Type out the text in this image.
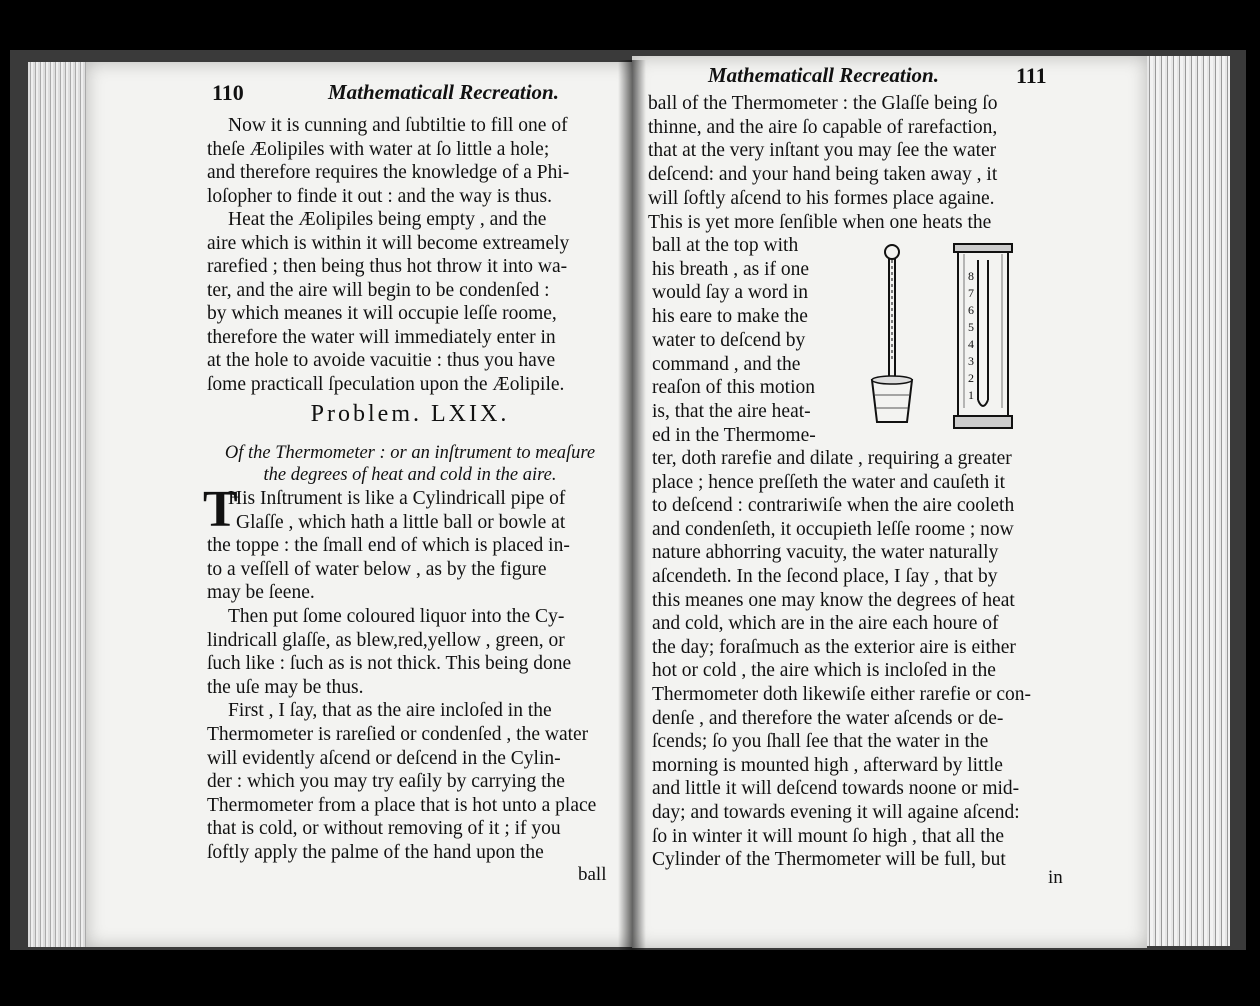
110	Mathematicall Recreation.
Now it is cunning and ſubtiltie to fill one of
theſe Æolipiles with water at ſo little a hole;
and therefore requires the knowledge of a Phi-
loſopher to finde it out : and the way is thus.
Heat the Æolipiles being empty , and the
aire which is within it will become extreamely
rarefied ; then being thus hot throw it into wa-
ter, and the aire will begin to be condenſed :
by which meanes it will occupie leſſe roome,
therefore the water will immediately enter in
at the hole to avoide vacuitie : thus you have
ſome practicall ſpeculation upon the Æolipile.
Problem. LXIX.
Of the Thermometer : or an inſtrument to meaſure
the degrees of heat and cold in the aire.
T
His Inſtrument is like a Cylindricall pipe of
Glaſſe , which hath a little ball or bowle at
the toppe : the ſmall end of which is placed in-
to a veſſell of water below , as by the figure
may be ſeene.
Then put ſome coloured liquor into the Cy-
lindricall glaſſe, as blew,red,yellow , green, or
ſuch like : ſuch as is not thick. This being done
the uſe may be thus.
First , I ſay, that as the aire incloſed in the
Thermometer is rareſied or condenſed , the water
will evidently aſcend or deſcend in the Cylin-
der : which you may try eaſily by carrying the
Thermometer from a place that is hot unto a place
that is cold, or without removing of it ; if you
ſoftly apply the palme of the hand upon the
ball
Mathematicall Recreation.	111
ball of the Thermometer : the Glaſſe being ſo
thinne, and the aire ſo capable of rarefaction,
that at the very inſtant you may ſee the water
deſcend: and your hand being taken away , it
will ſoftly aſcend to his formes place againe.
This is yet more ſenſible when one heats the
ball at the top with
his breath , as if one
would ſay a word in
his eare to make the
water to deſcend by
command , and the
reaſon of this motion
is, that the aire heat-
ed in the Thermome-
ter, doth rarefie and dilate , requiring a greater
place ; hence preſſeth the water and cauſeth it
to deſcend : contrariwiſe when the aire cooleth
and condenſeth, it occupieth leſſe roome ; now
nature abhorring vacuity, the water naturally
aſcendeth. In the ſecond place, I ſay , that by
this meanes one may know the degrees of heat
and cold, which are in the aire each houre of
the day; foraſmuch as the exterior aire is either
hot or cold , the aire which is incloſed in the
Thermometer doth likewiſe either rarefie or con-
denſe , and therefore the water aſcends or de-
ſcends; ſo you ſhall ſee that the water in the
morning is mounted high , afterward by little
and little it will deſcend towards noone or mid-
day; and towards evening it will againe aſcend:
ſo in winter it will mount ſo high , that all the
Cylinder of the Thermometer will be full, but
in
8
7
6
5
4
3
2
1
